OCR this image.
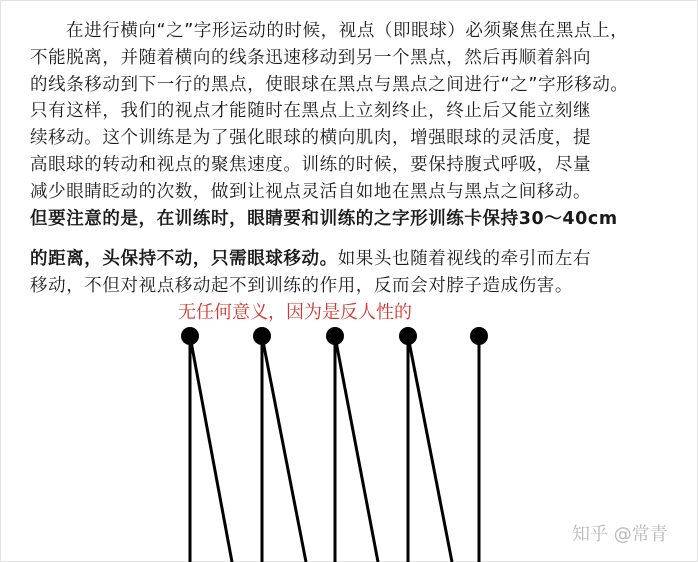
在进行横向“之”字形运动的时候，视点（即眼球）必须聚焦在黑点上，
不能脱离，并随着横向的线条迅速移动到另一个黑点，然后再顺着斜向
的线条移动到下一行的黑点，使眼球在黑点与黑点之间进行“之”字形移动。
只有这样，我们的视点才能随时在黑点上立刻终止，终止后又能立刻继
续移动。这个训练是为了强化眼球的横向肌肉，增强眼球的灵活度，提
高眼球的转动和视点的聚焦速度。训练的时候，要保持腹式呼吸，尽量
减少眼睛眨动的次数，做到让视点灵活自如地在黑点与黑点之间移动。
但要注意的是，在训练时，眼睛要和训练的之字形训练卡保持30～40cm
的距离，头保持不动，只需眼球移动。如果头也随着视线的牵引而左右
移动，不但对视点移动起不到训练的作用，反而会对脖子造成伤害。
无任何意义，因为是反人性的
知乎 @常青
